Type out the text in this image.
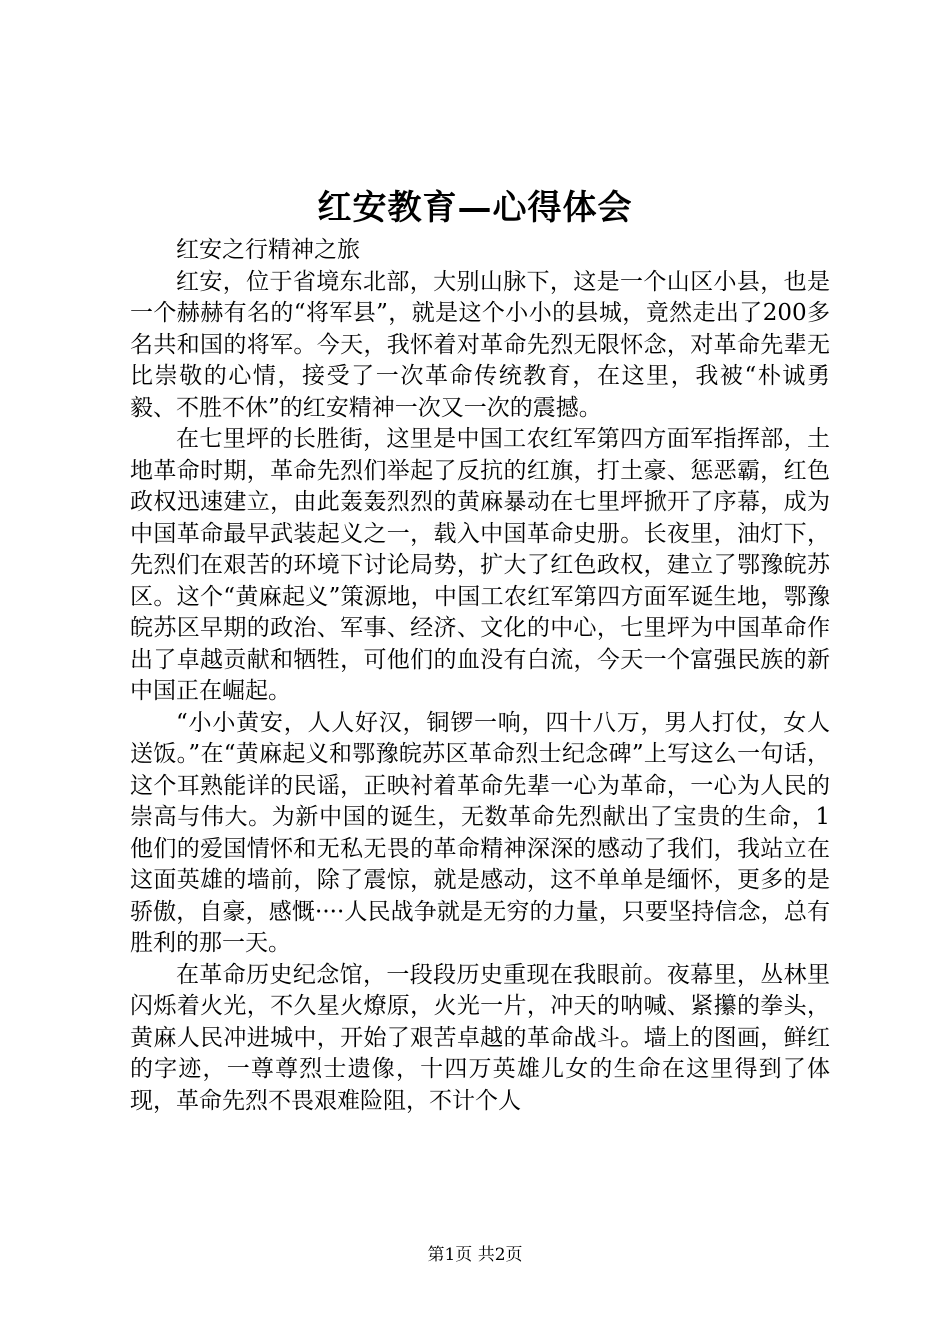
红安教育—心得体会

红安之行精神之旅

红安，位于省境东北部，大别山脉下，这是一个山区小县，也是一个赫赫有名的“将军县”，就是这个小小的县城，竟然走出了200多名共和国的将军。今天，我怀着对革命先烈无限怀念，对革命先辈无比崇敬的心情，接受了一次革命传统教育，在这里，我被“朴诚勇毅、不胜不休”的红安精神一次又一次的震撼。

在七里坪的长胜街，这里是中国工农红军第四方面军指挥部，土地革命时期，革命先烈们举起了反抗的红旗，打土豪、惩恶霸，红色政权迅速建立，由此轰轰烈烈的黄麻暴动在七里坪掀开了序幕，成为中国革命最早武装起义之一，载入中国革命史册。长夜里，油灯下，先烈们在艰苦的环境下讨论局势，扩大了红色政权，建立了鄂豫皖苏区。这个“黄麻起义”策源地，中国工农红军第四方面军诞生地，鄂豫皖苏区早期的政治、军事、经济、文化的中心，七里坪为中国革命作出了卓越贡献和牺牲，可他们的血没有白流，今天一个富强民族的新中国正在崛起。

“小小黄安，人人好汉，铜锣一响，四十八万，男人打仗，女人送饭。”在“黄麻起义和鄂豫皖苏区革命烈士纪念碑”上写这么一句话，这个耳熟能详的民谣，正映衬着革命先辈一心为革命，一心为人民的崇高与伟大。为新中国的诞生，无数革命先烈献出了宝贵的生命，1他们的爱国情怀和无私无畏的革命精神深深的感动了我们，我站立在这面英雄的墙前，除了震惊，就是感动，这不单单是缅怀，更多的是骄傲，自豪，感慨····人民战争就是无穷的力量，只要坚持信念，总有胜利的那一天。

在革命历史纪念馆，一段段历史重现在我眼前。夜幕里，丛林里闪烁着火光，不久星火燎原，火光一片，冲天的呐喊、紧攥的拳头，黄麻人民冲进城中，开始了艰苦卓越的革命战斗。墙上的图画，鲜红的字迹，一尊尊烈士遗像，十四万英雄儿女的生命在这里得到了体现，革命先烈不畏艰难险阻，不计个人

第1页 共2页
